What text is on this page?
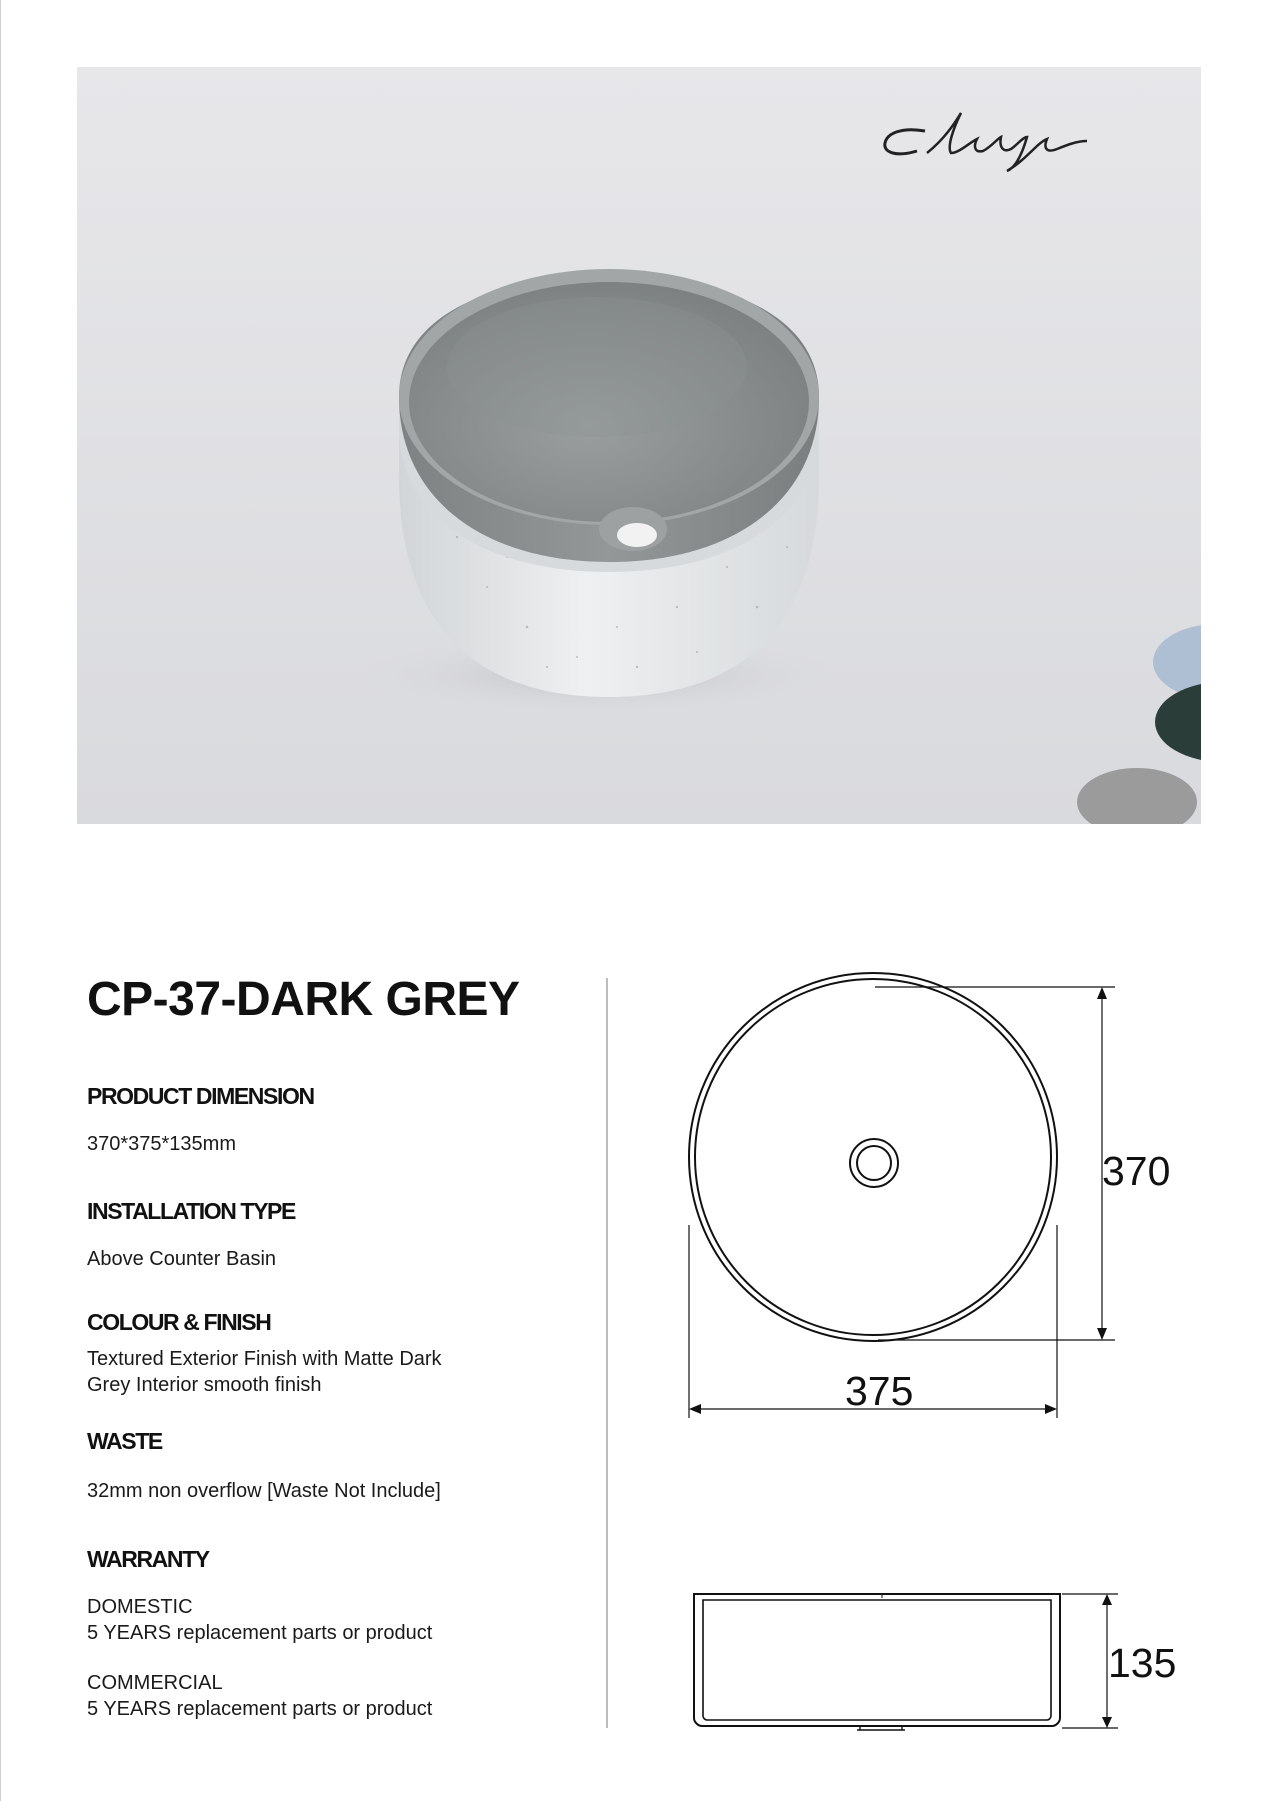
CP-37-DARK GREY
PRODUCT DIMENSION
370*375*135mm
INSTALLATION TYPE
Above Counter Basin
COLOUR & FINISH
Textured Exterior Finish with Matte Dark
Grey Interior smooth finish
WASTE
32mm non overflow [Waste Not Include]
WARRANTY
DOMESTIC
5 YEARS replacement parts or product
COMMERCIAL
5 YEARS replacement parts or product
370
375
135
